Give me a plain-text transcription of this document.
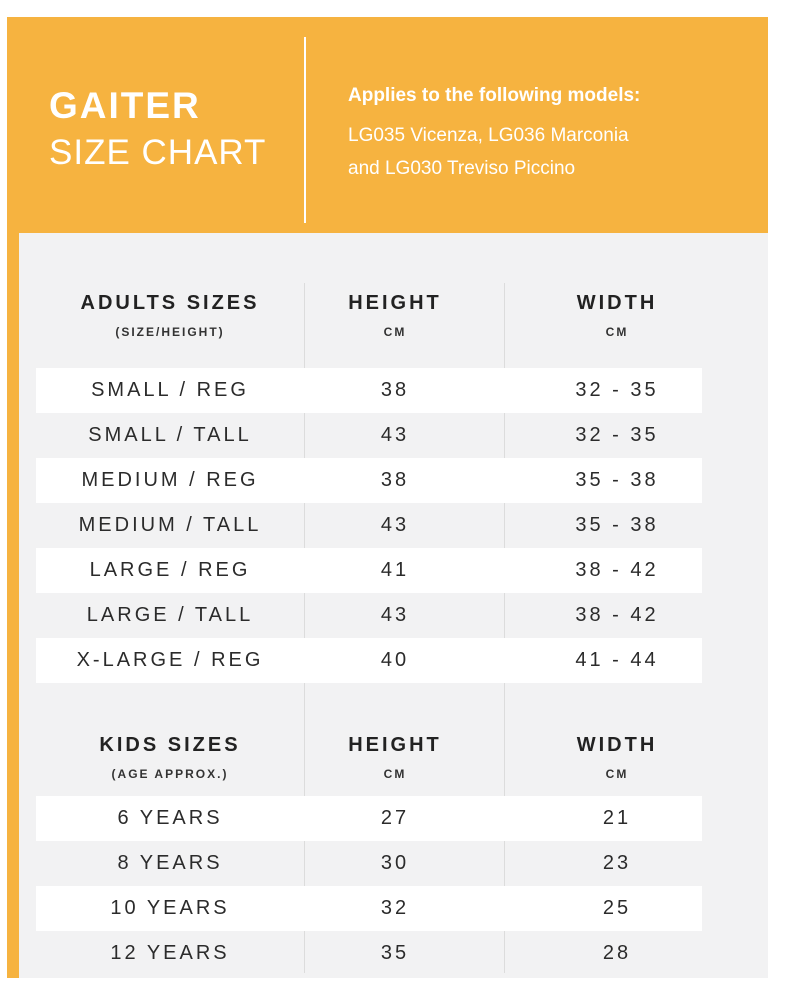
GAITER
SIZE CHART
Applies to the following models:
LG035 Vicenza, LG036 Marconia
and LG030 Treviso Piccino
ADULTS SIZES
(SIZE/HEIGHT)
HEIGHT
CM
WIDTH
CM
SMALL / REG	38	32 - 35
SMALL / TALL	43	32 - 35
MEDIUM / REG	38	35 - 38
MEDIUM / TALL	43	35 - 38
LARGE / REG	41	38 - 42
LARGE / TALL	43	38 - 42
X-LARGE / REG	40	41 - 44
KIDS SIZES
(AGE APPROX.)
HEIGHT
CM
WIDTH
CM
6 YEARS	27	21
8 YEARS	30	23
10 YEARS	32	25
12 YEARS	35	28
